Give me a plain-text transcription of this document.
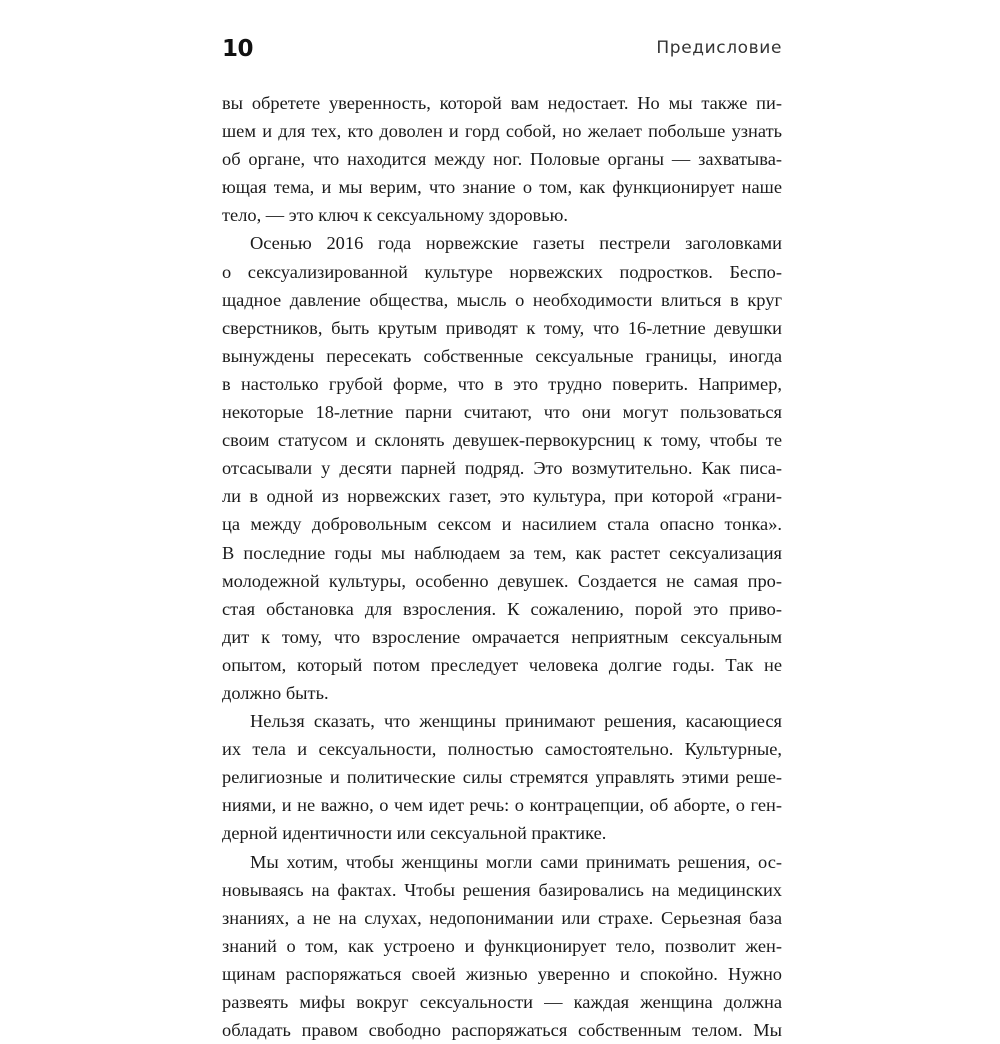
10	Предисловие

вы обретете уверенность, которой вам недостает. Но мы также пи-
шем и для тех, кто доволен и горд собой, но желает побольше узнать
об органе, что находится между ног. Половые органы — захватыва-
ющая тема, и мы верим, что знание о том, как функционирует наше
тело, — это ключ к сексуальному здоровью.

Осенью 2016 года норвежские газеты пестрели заголовками
о сексуализированной культуре норвежских подростков. Беспо-
щадное давление общества, мысль о необходимости влиться в круг
сверстников, быть крутым приводят к тому, что 16-летние девушки
вынуждены пересекать собственные сексуальные границы, иногда
в настолько грубой форме, что в это трудно поверить. Например,
некоторые 18-летние парни считают, что они могут пользоваться
своим статусом и склонять девушек-первокурсниц к тому, чтобы те
отсасывали у десяти парней подряд. Это возмутительно. Как писа-
ли в одной из норвежских газет, это культура, при которой «грани-
ца между добровольным сексом и насилием стала опасно тонка».
В последние годы мы наблюдаем за тем, как растет сексуализация
молодежной культуры, особенно девушек. Создается не самая про-
стая обстановка для взросления. К сожалению, порой это приво-
дит к тому, что взросление омрачается неприятным сексуальным
опытом, который потом преследует человека долгие годы. Так не
должно быть.

Нельзя сказать, что женщины принимают решения, касающиеся
их тела и сексуальности, полностью самостоятельно. Культурные,
религиозные и политические силы стремятся управлять этими реше-
ниями, и не важно, о чем идет речь: о контрацепции, об аборте, о ген-
дерной идентичности или сексуальной практике.

Мы хотим, чтобы женщины могли сами принимать решения, ос-
новываясь на фактах. Чтобы решения базировались на медицинских
знаниях, а не на слухах, недопонимании или страхе. Серьезная база
знаний о том, как устроено и функционирует тело, позволит жен-
щинам распоряжаться своей жизнью уверенно и спокойно. Нужно
развеять мифы вокруг сексуальности — каждая женщина должна
обладать правом свободно распоряжаться собственным телом. Мы
